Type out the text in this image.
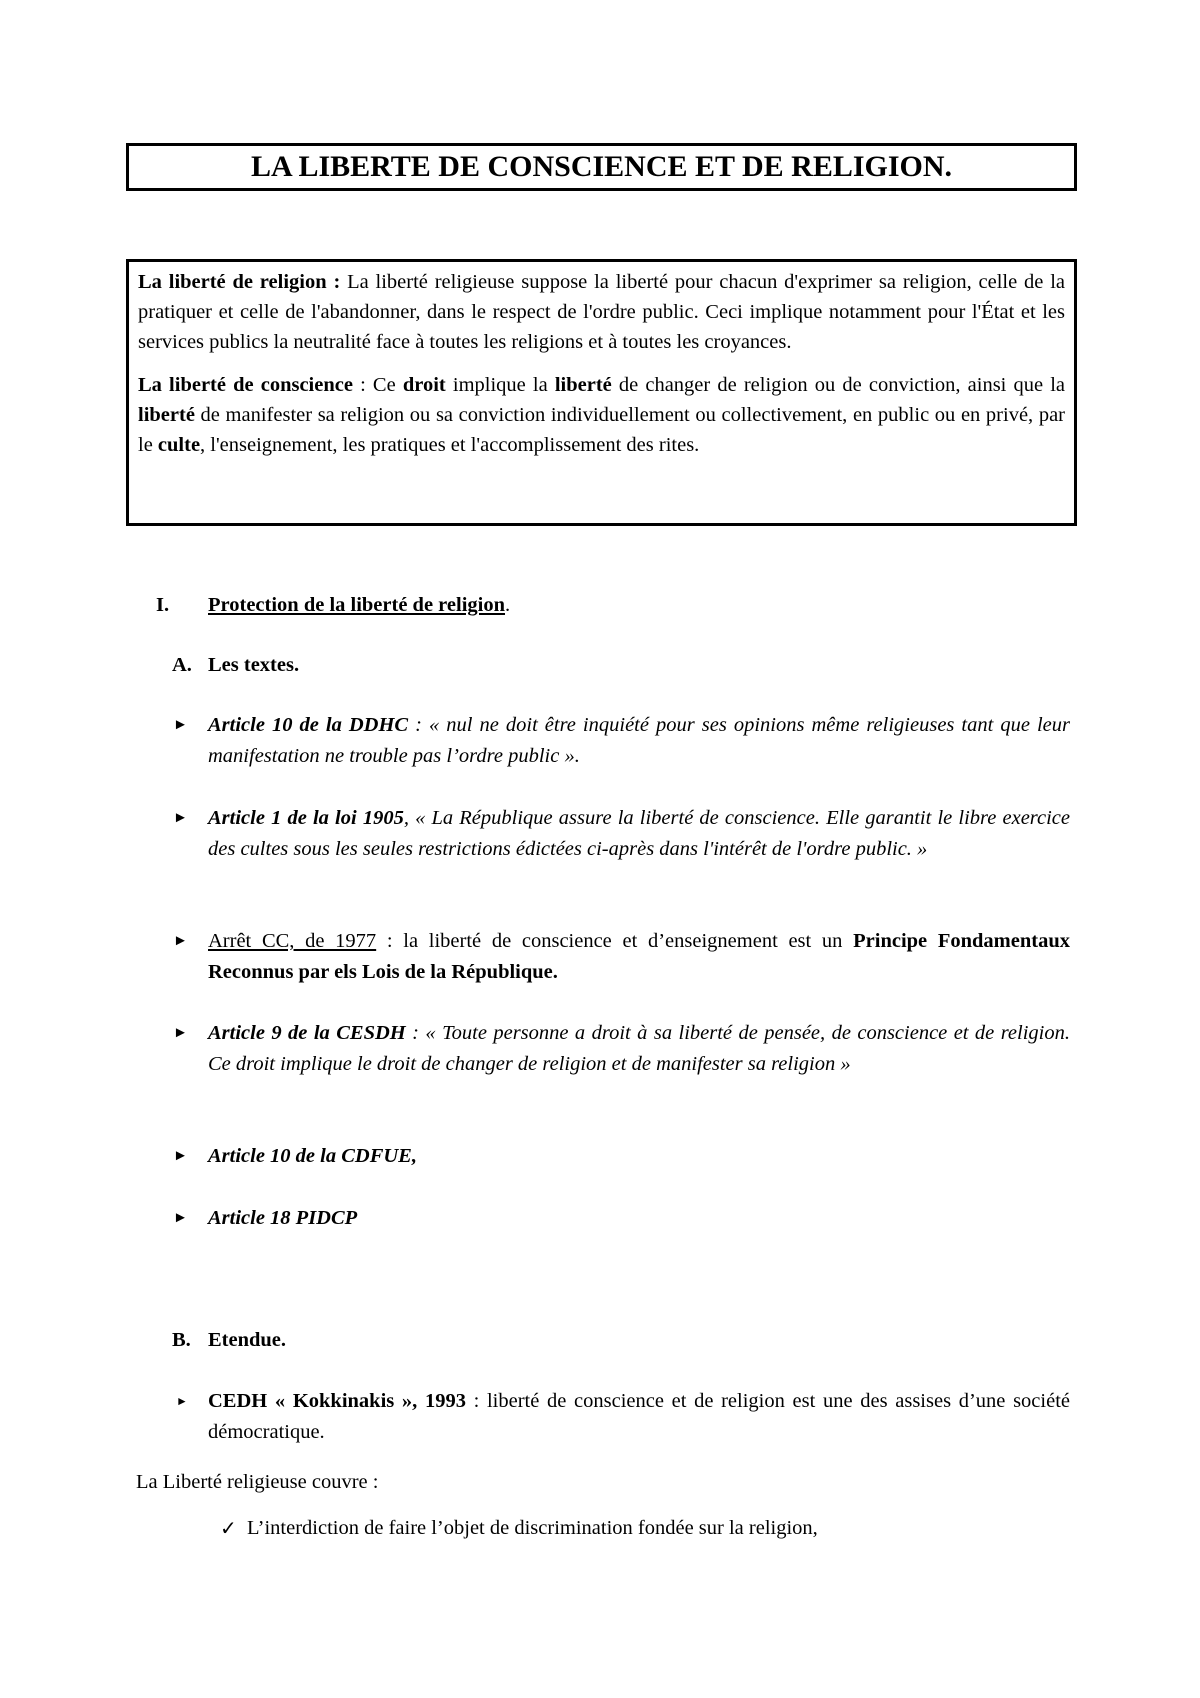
LA LIBERTE DE CONSCIENCE ET DE RELIGION.

La liberté de religion : La liberté religieuse suppose la liberté pour chacun d'exprimer sa religion, celle de la pratiquer et celle de l'abandonner, dans le respect de l'ordre public. Ceci implique notamment pour l'État et les services publics la neutralité face à toutes les religions et à toutes les croyances.

La liberté de conscience : Ce droit implique la liberté de changer de religion ou de conviction, ainsi que la liberté de manifester sa religion ou sa conviction individuellement ou collectivement, en public ou en privé, par le culte, l'enseignement, les pratiques et l'accomplissement des rites.

I. Protection de la liberté de religion.
A. Les textes.
► Article 10 de la DDHC : « nul ne doit être inquiété pour ses opinions même religieuses tant que leur manifestation ne trouble pas l’ordre public ».
► Article 1 de la loi 1905, « La République assure la liberté de conscience. Elle garantit le libre exercice des cultes sous les seules restrictions édictées ci-après dans l'intérêt de l'ordre public. »
► Arrêt CC, de 1977 : la liberté de conscience et d’enseignement est un Principe Fondamentaux Reconnus par els Lois de la République.
► Article 9 de la CESDH : « Toute personne a droit à sa liberté de pensée, de conscience et de religion. Ce droit implique le droit de changer de religion et de manifester sa religion »
► Article 10 de la CDFUE,
► Article 18 PIDCP
B. Etendue.
► CEDH « Kokkinakis », 1993 : liberté de conscience et de religion est une des assises d’une société démocratique.
La Liberté religieuse couvre :
✓ L’interdiction de faire l’objet de discrimination fondée sur la religion,
